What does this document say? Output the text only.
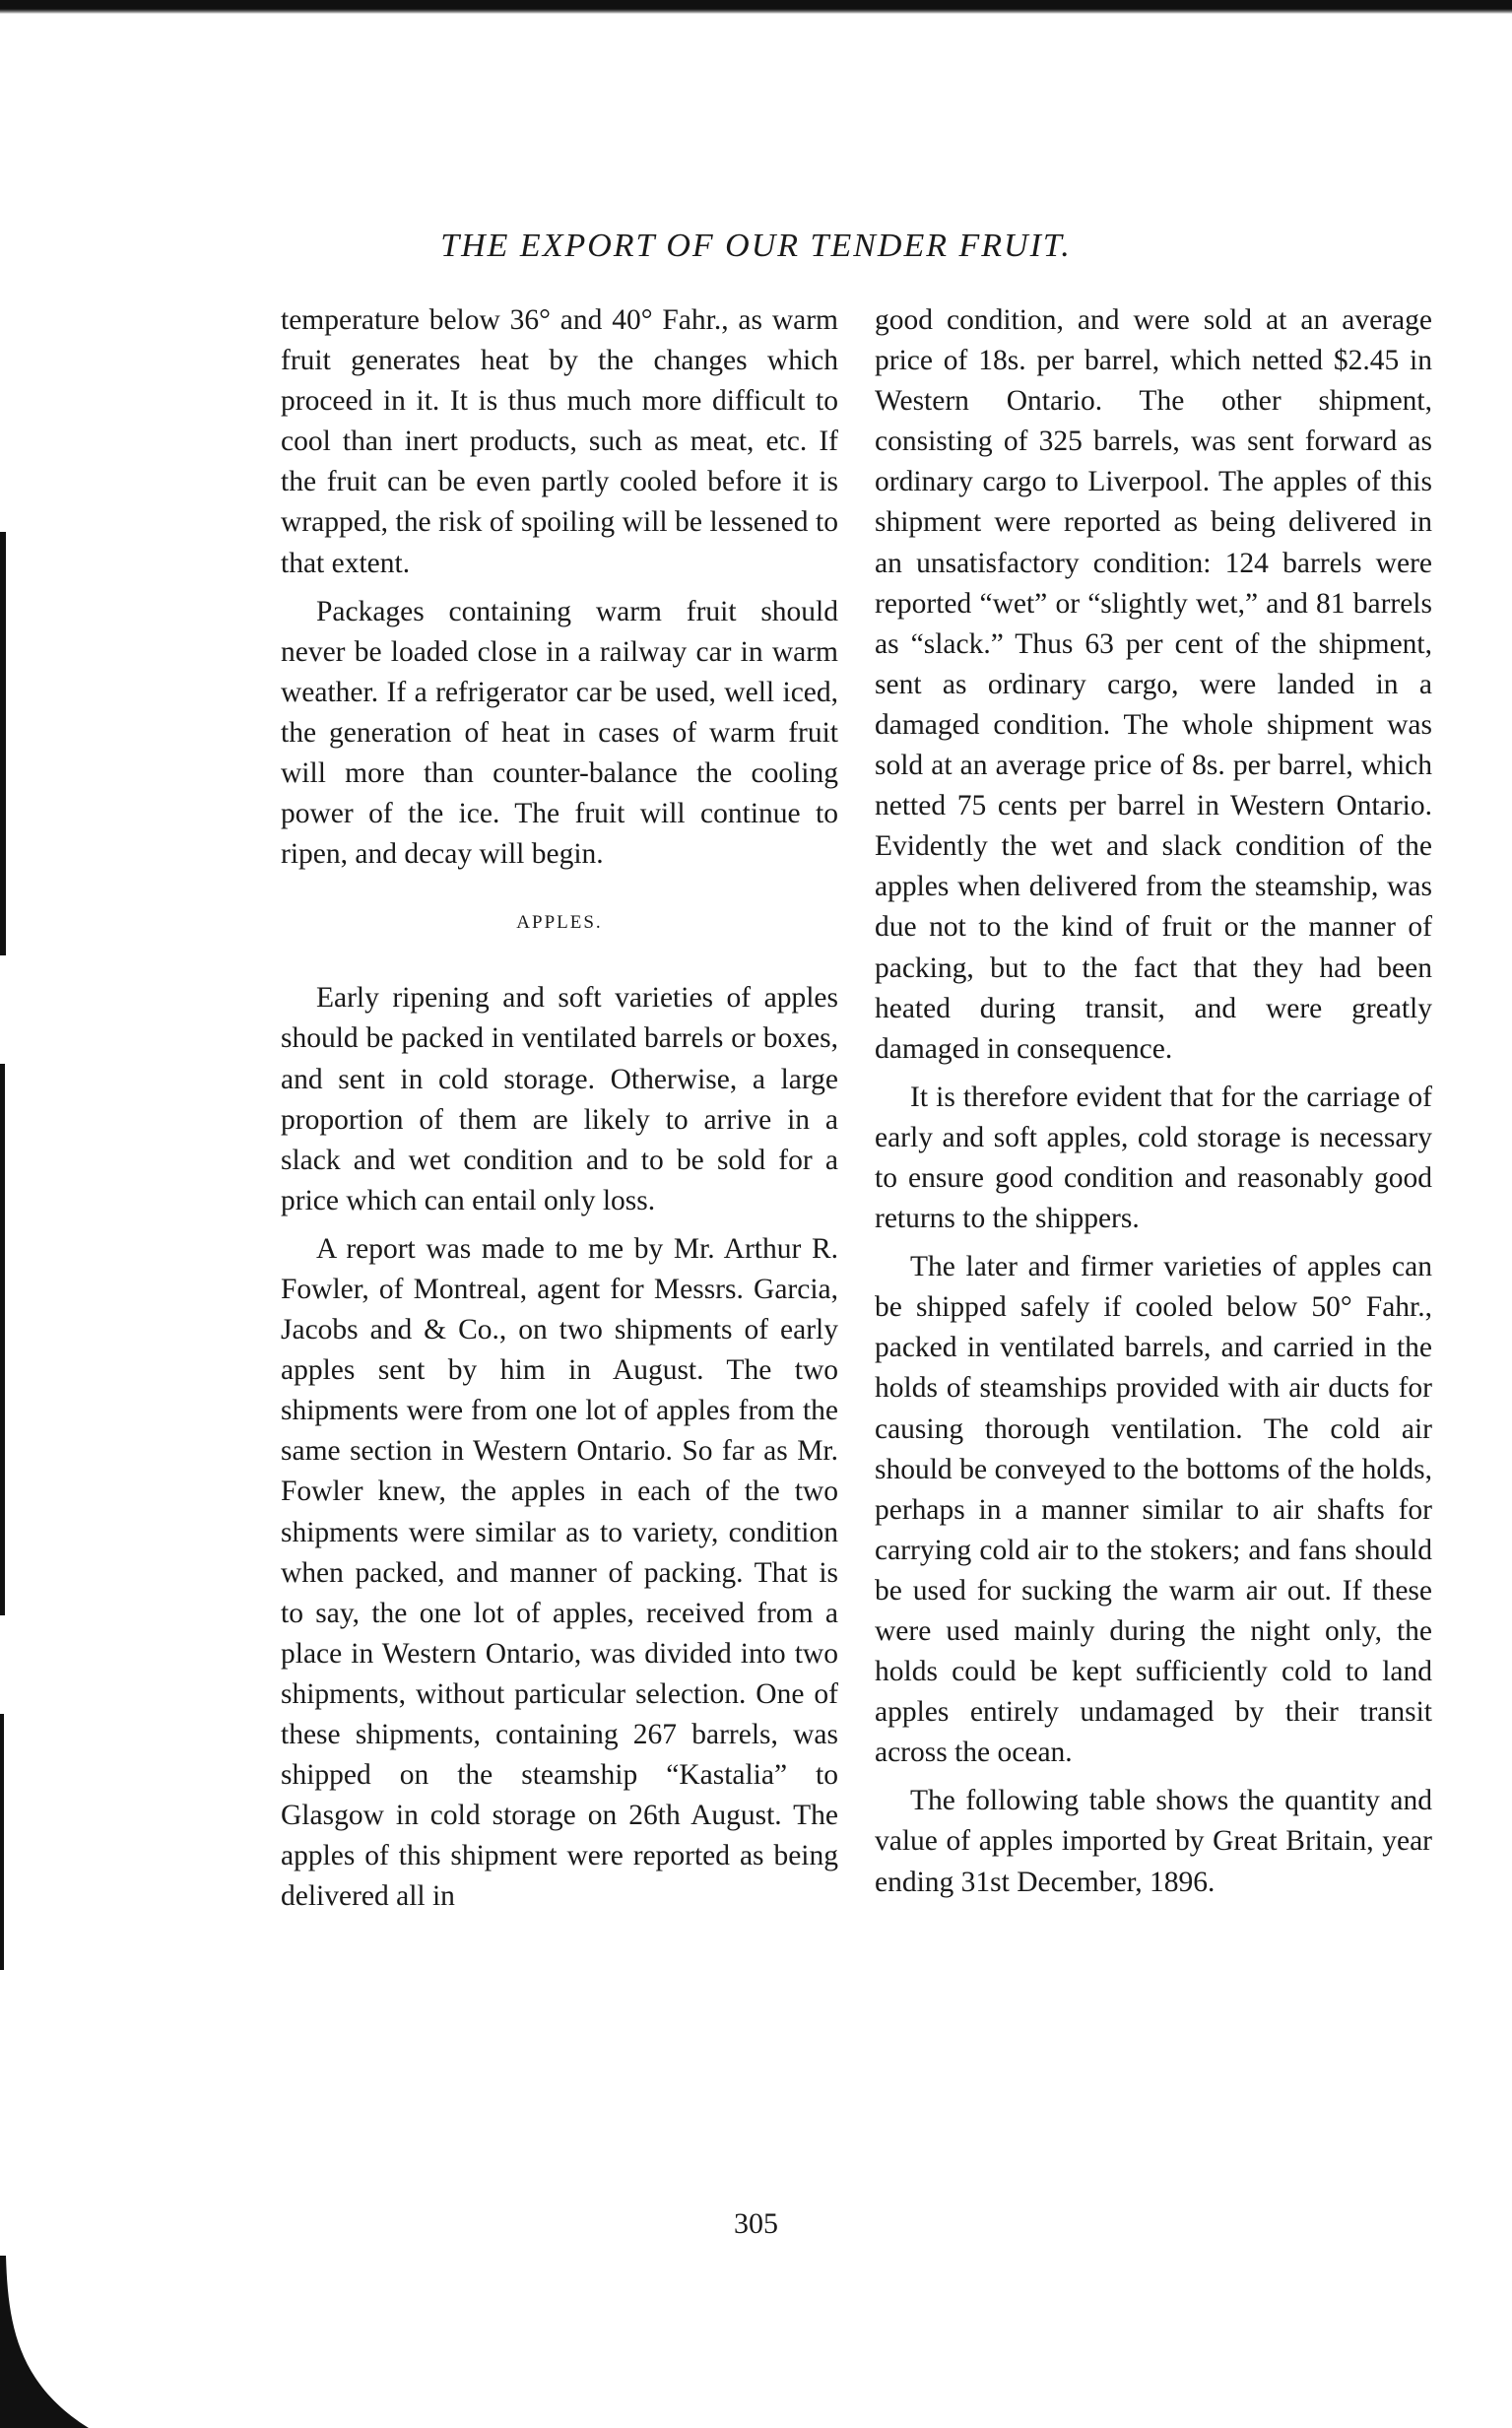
THE EXPORT OF OUR TENDER FRUIT.

temperature below 36° and 40° Fahr., as warm fruit generates heat by the changes which proceed in it. It is thus much more difficult to cool than inert products, such as meat, etc. If the fruit can be even partly cooled before it is wrapped, the risk of spoiling will be lessened to that extent.

Packages containing warm fruit should never be loaded close in a railway car in warm weather. If a refrigerator car be used, well iced, the generation of heat in cases of warm fruit will more than counter-balance the cooling power of the ice. The fruit will continue to ripen, and decay will begin.

APPLES.

Early ripening and soft varieties of apples should be packed in ventilated barrels or boxes, and sent in cold storage. Otherwise, a large proportion of them are likely to arrive in a slack and wet condition and to be sold for a price which can entail only loss.

A report was made to me by Mr. Arthur R. Fowler, of Montreal, agent for Messrs. Garcia, Jacobs and & Co., on two shipments of early apples sent by him in August. The two shipments were from one lot of apples from the same section in Western Ontario. So far as Mr. Fowler knew, the apples in each of the two shipments were similar as to variety, condition when packed, and manner of packing. That is to say, the one lot of apples, received from a place in Western Ontario, was divided into two shipments, without particular selection. One of these shipments, containing 267 barrels, was shipped on the steamship “Kastalia” to Glasgow in cold storage on 26th August. The apples of this shipment were reported as being delivered all in

good condition, and were sold at an average price of 18s. per barrel, which netted $2.45 in Western Ontario. The other shipment, consisting of 325 barrels, was sent forward as ordinary cargo to Liverpool. The apples of this shipment were reported as being delivered in an unsatisfactory condition: 124 barrels were reported “wet” or “slightly wet,” and 81 barrels as “slack.” Thus 63 per cent of the shipment, sent as ordinary cargo, were landed in a damaged condition. The whole shipment was sold at an average price of 8s. per barrel, which netted 75 cents per barrel in Western Ontario. Evidently the wet and slack condition of the apples when delivered from the steamship, was due not to the kind of fruit or the manner of packing, but to the fact that they had been heated during transit, and were greatly damaged in consequence.

It is therefore evident that for the carriage of early and soft apples, cold storage is necessary to ensure good condition and reasonably good returns to the shippers.

The later and firmer varieties of apples can be shipped safely if cooled below 50° Fahr., packed in ventilated barrels, and carried in the holds of steamships provided with air ducts for causing thorough ventilation. The cold air should be conveyed to the bottoms of the holds, perhaps in a manner similar to air shafts for carrying cold air to the stokers; and fans should be used for sucking the warm air out. If these were used mainly during the night only, the holds could be kept sufficiently cold to land apples entirely undamaged by their transit across the ocean.

The following table shows the quantity and value of apples imported by Great Britain, year ending 31st December, 1896.

305
